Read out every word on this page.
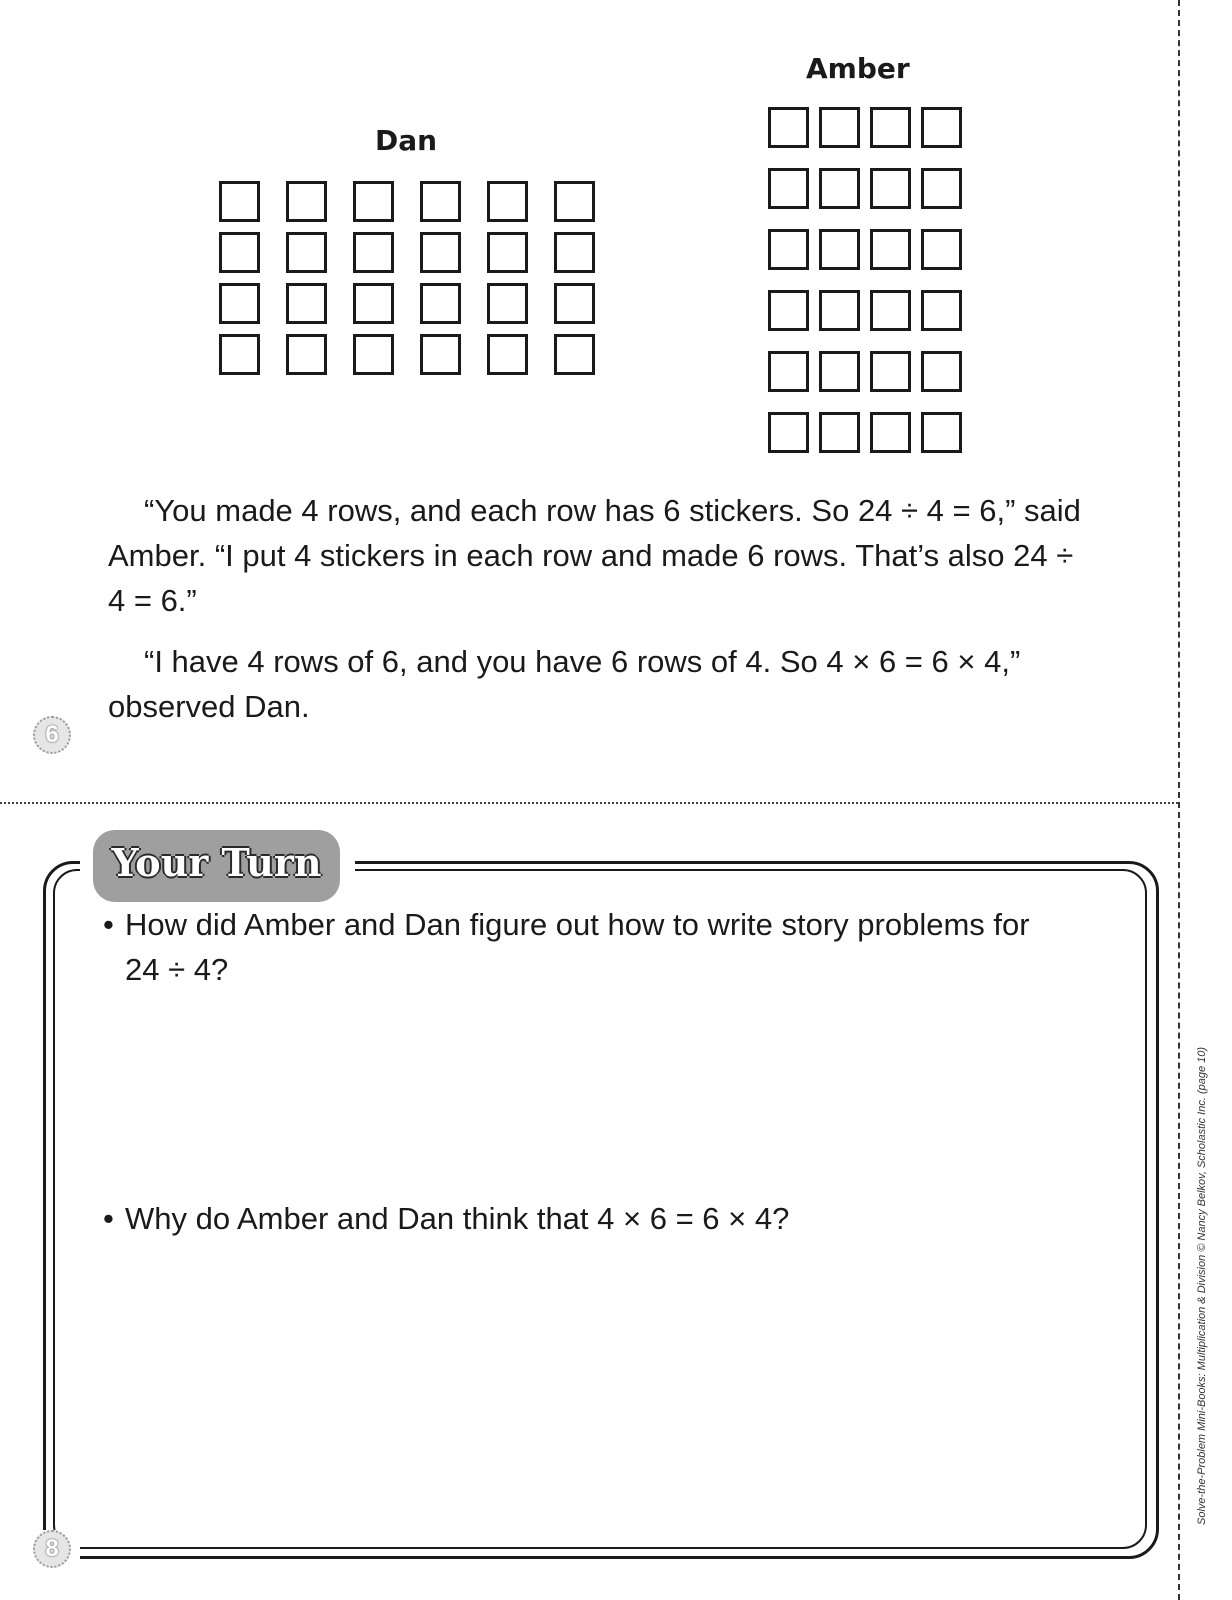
Amber
Dan

“You made 4 rows, and each row has 6 stickers. So 24 ÷ 4 = 6,” said Amber. “I put 4 stickers in each row and made 6 rows. That’s also 24 ÷ 4 = 6.”

“I have 4 rows of 6, and you have 6 rows of 4. So 4 × 6 = 6 × 4,” observed Dan.

6
Your Turn
• How did Amber and Dan figure out how to write story problems for 24 ÷ 4?
• Why do Amber and Dan think that 4 × 6 = 6 × 4?
8
Solve-the-Problem Mini-Books: Multiplication & Division © Nancy Belkov, Scholastic Inc. (page 10)
